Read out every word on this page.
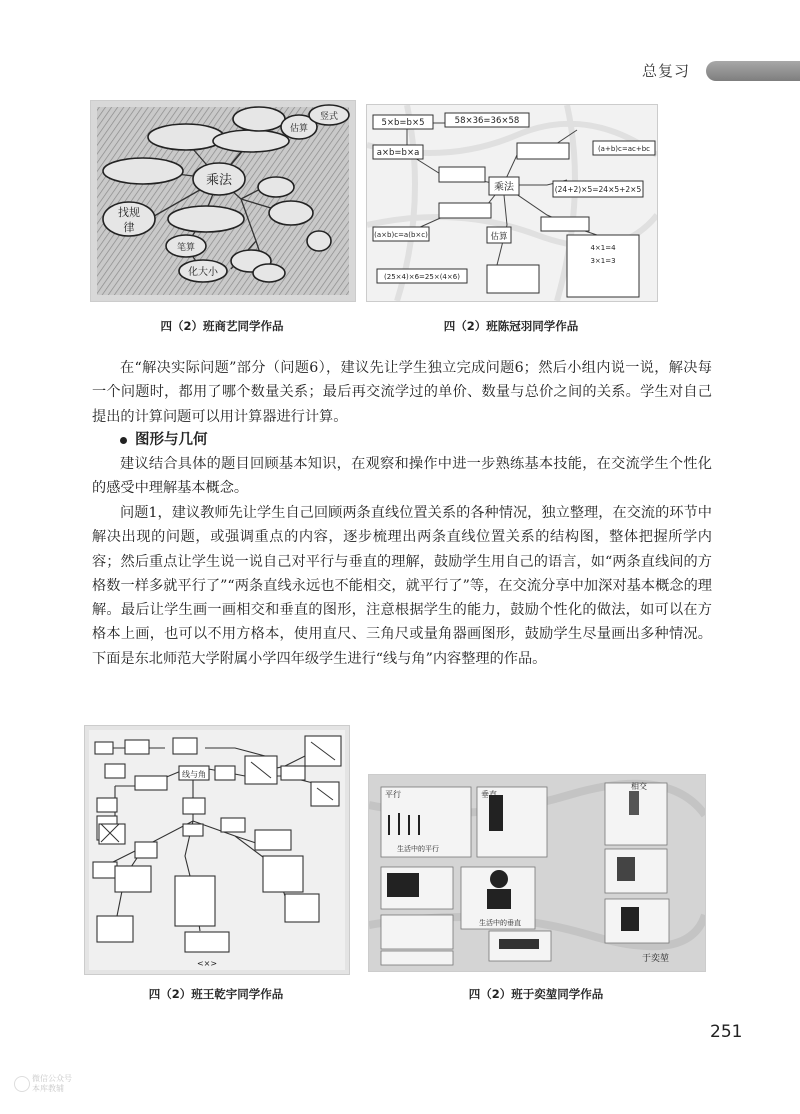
总复习
乘法
找规
律
化大小
笔算
估算
竖式
四（2）班商艺同学作品
乘法
5×b=b×5	58×36=36×58
a×b=b×a	(a+b)c=ac+bc
(24+2)×5=24×5+2×5
估算
(a×b)c=a(b×c)
(25×4)×6=25×(4×6)
4×1=4
3×1=3
四（2）班陈冠羽同学作品

在“解决实际问题”部分（问题6），建议先让学生独立完成问题6；然后小组内说一说，解决每一个问题时，都用了哪个数量关系；最后再交流学过的单价、数量与总价之间的关系。学生对自己提出的计算问题可以用计算器进行计算。

图形与几何

建议结合具体的题目回顾基本知识，在观察和操作中进一步熟练基本技能，在交流学生个性化的感受中理解基本概念。

问题1，建议教师先让学生自己回顾两条直线位置关系的各种情况，独立整理，在交流的环节中解决出现的问题，或强调重点的内容，逐步梳理出两条直线位置关系的结构图，整体把握所学内容；然后重点让学生说一说自己对平行与垂直的理解，鼓励学生用自己的语言，如“两条直线间的方格数一样多就平行了”“两条直线永远也不能相交，就平行了”等，在交流分享中加深对基本概念的理解。最后让学生画一画相交和垂直的图形，注意根据学生的能力，鼓励个性化的做法，如可以在方格本上画，也可以不用方格本，使用直尺、三角尺或量角器画图形，鼓励学生尽量画出多种情况。下面是东北师范大学附属小学四年级学生进行“线与角”内容整理的作品。

线与角
<×>
四（2）班王乾宇同学作品
平行	垂直
相交
生活中的平行
生活中的垂直
于奕堃
四（2）班于奕堃同学作品
251
微信公众号
本库教辅
